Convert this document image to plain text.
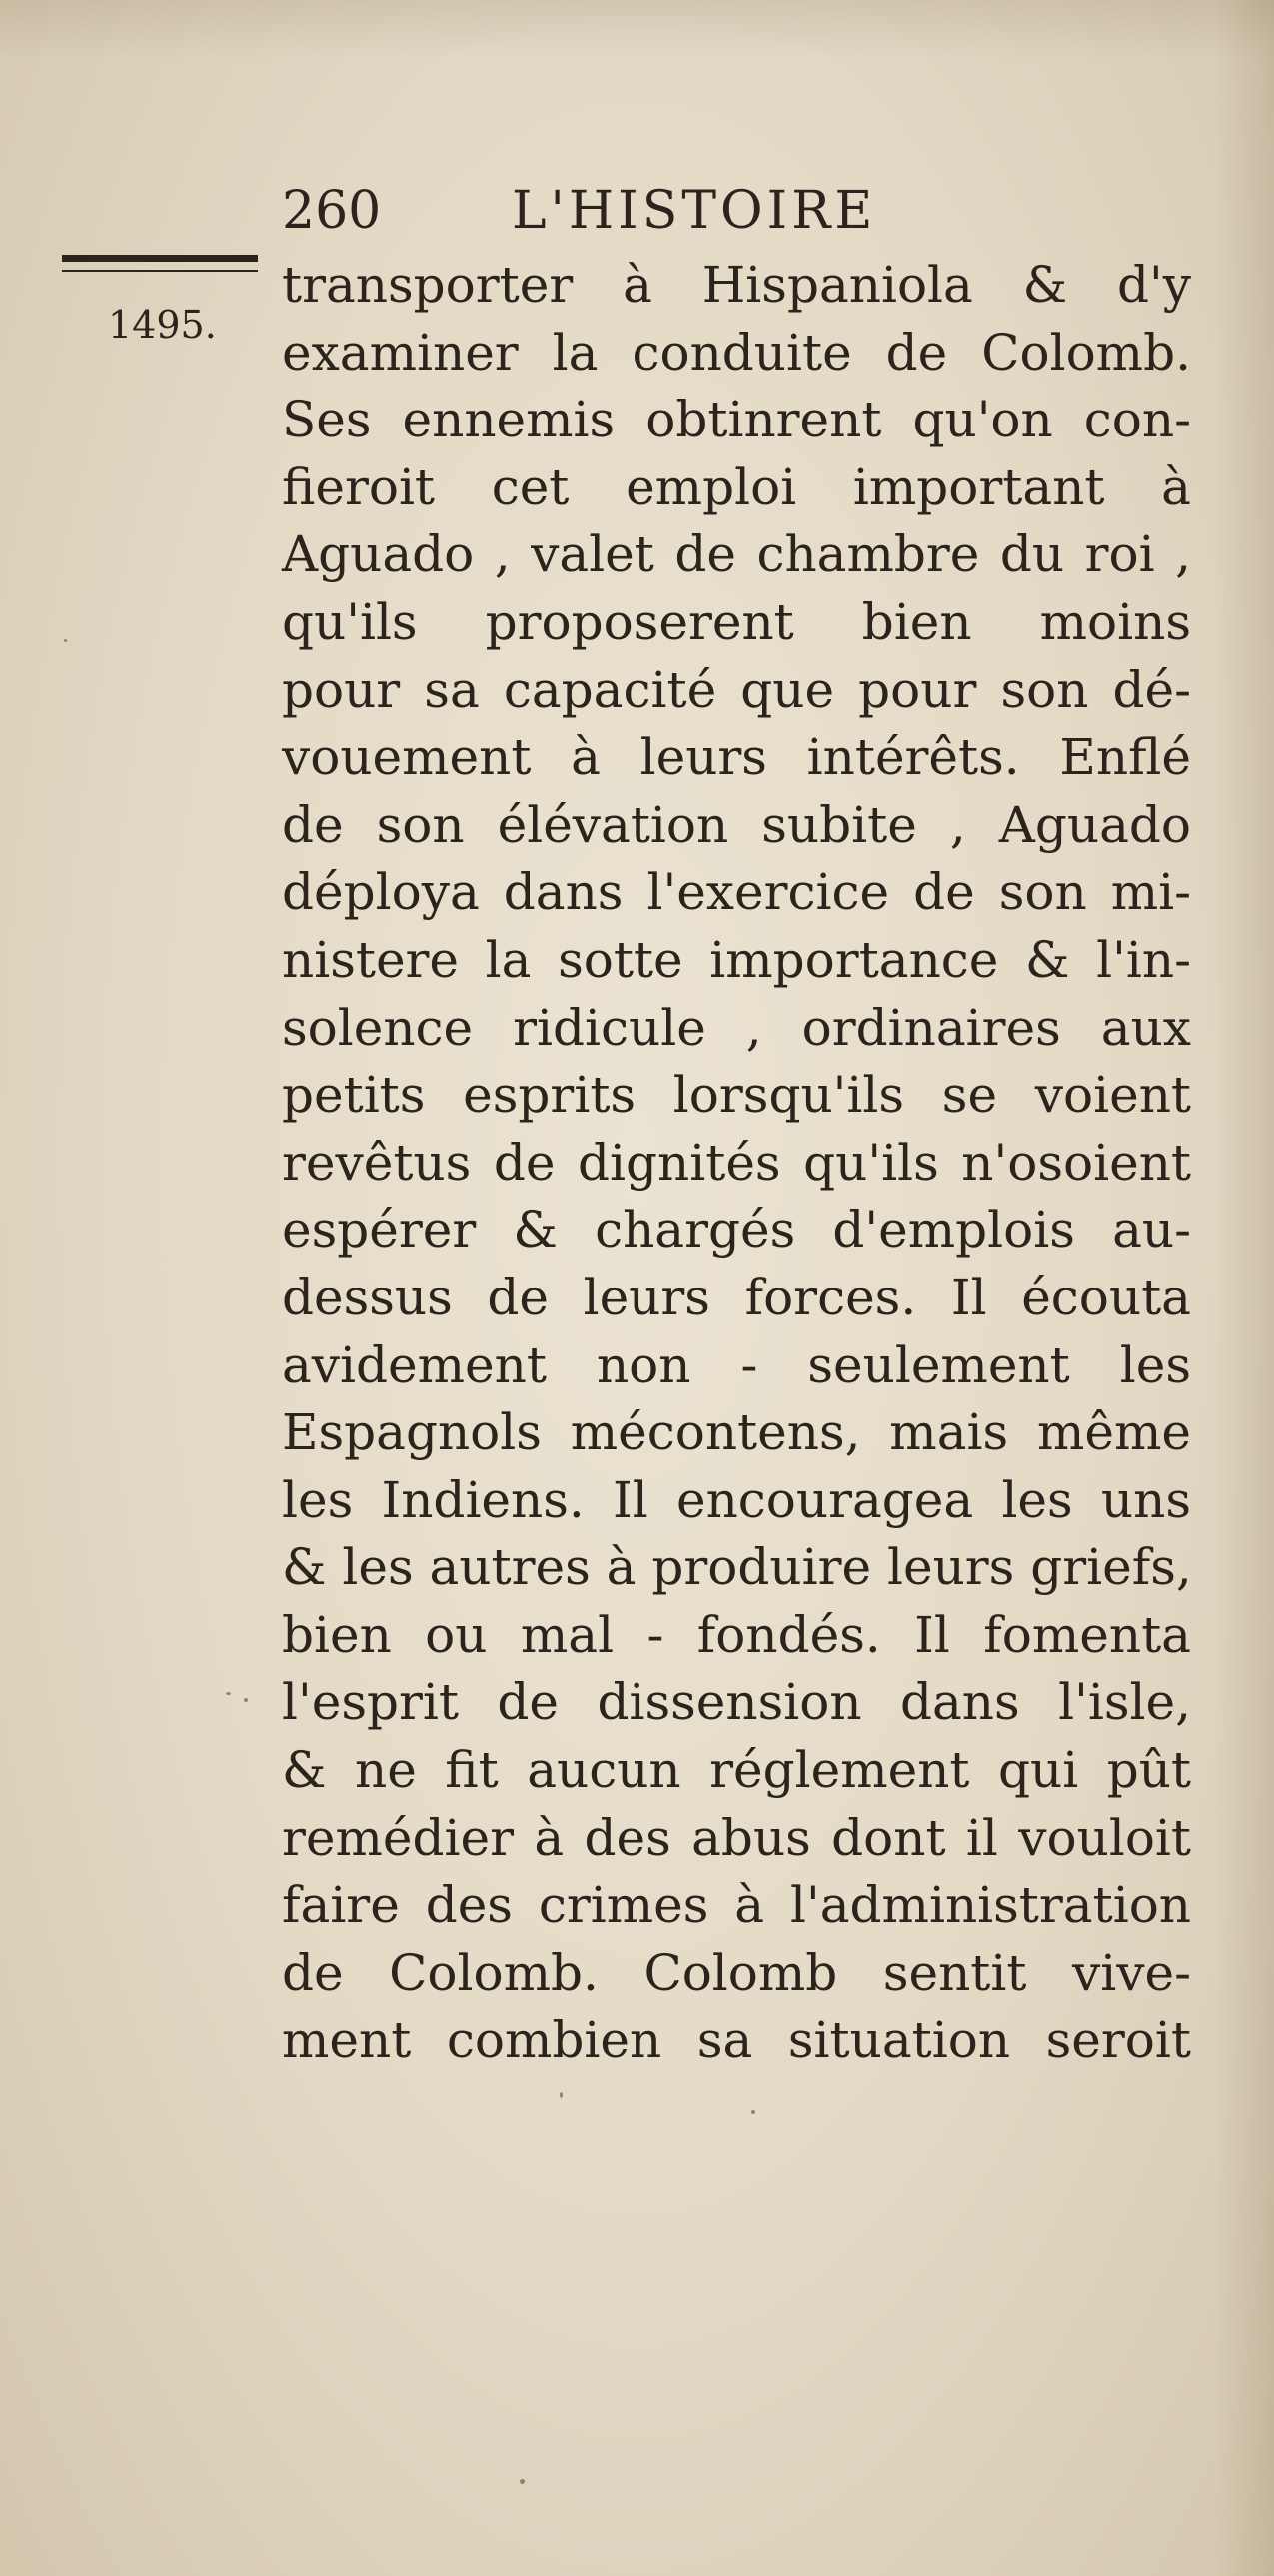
260	L'HISTOIRE
1495.
transporter à Hispaniola & d'y
examiner la conduite de Colomb.
Ses ennemis obtinrent qu'on con-
fieroit cet emploi important à
Aguado , valet de chambre du roi ,
qu'ils proposerent bien moins
pour sa capacité que pour son dé-
vouement à leurs intérêts. Enflé
de son élévation subite , Aguado
déploya dans l'exercice de son mi-
nistere la sotte importance & l'in-
solence ridicule , ordinaires aux
petits esprits lorsqu'ils se voient
revêtus de dignités qu'ils n'osoient
espérer & chargés d'emplois au-
dessus de leurs forces. Il écouta
avidement non - seulement les
Espagnols mécontens, mais même
les Indiens. Il encouragea les uns
& les autres à produire leurs griefs,
bien ou mal - fondés. Il fomenta
l'esprit de dissension dans l'isle,
& ne fit aucun réglement qui pût
remédier à des abus dont il vouloit
faire des crimes à l'administration
de Colomb. Colomb sentit vive-
ment combien sa situation seroit
